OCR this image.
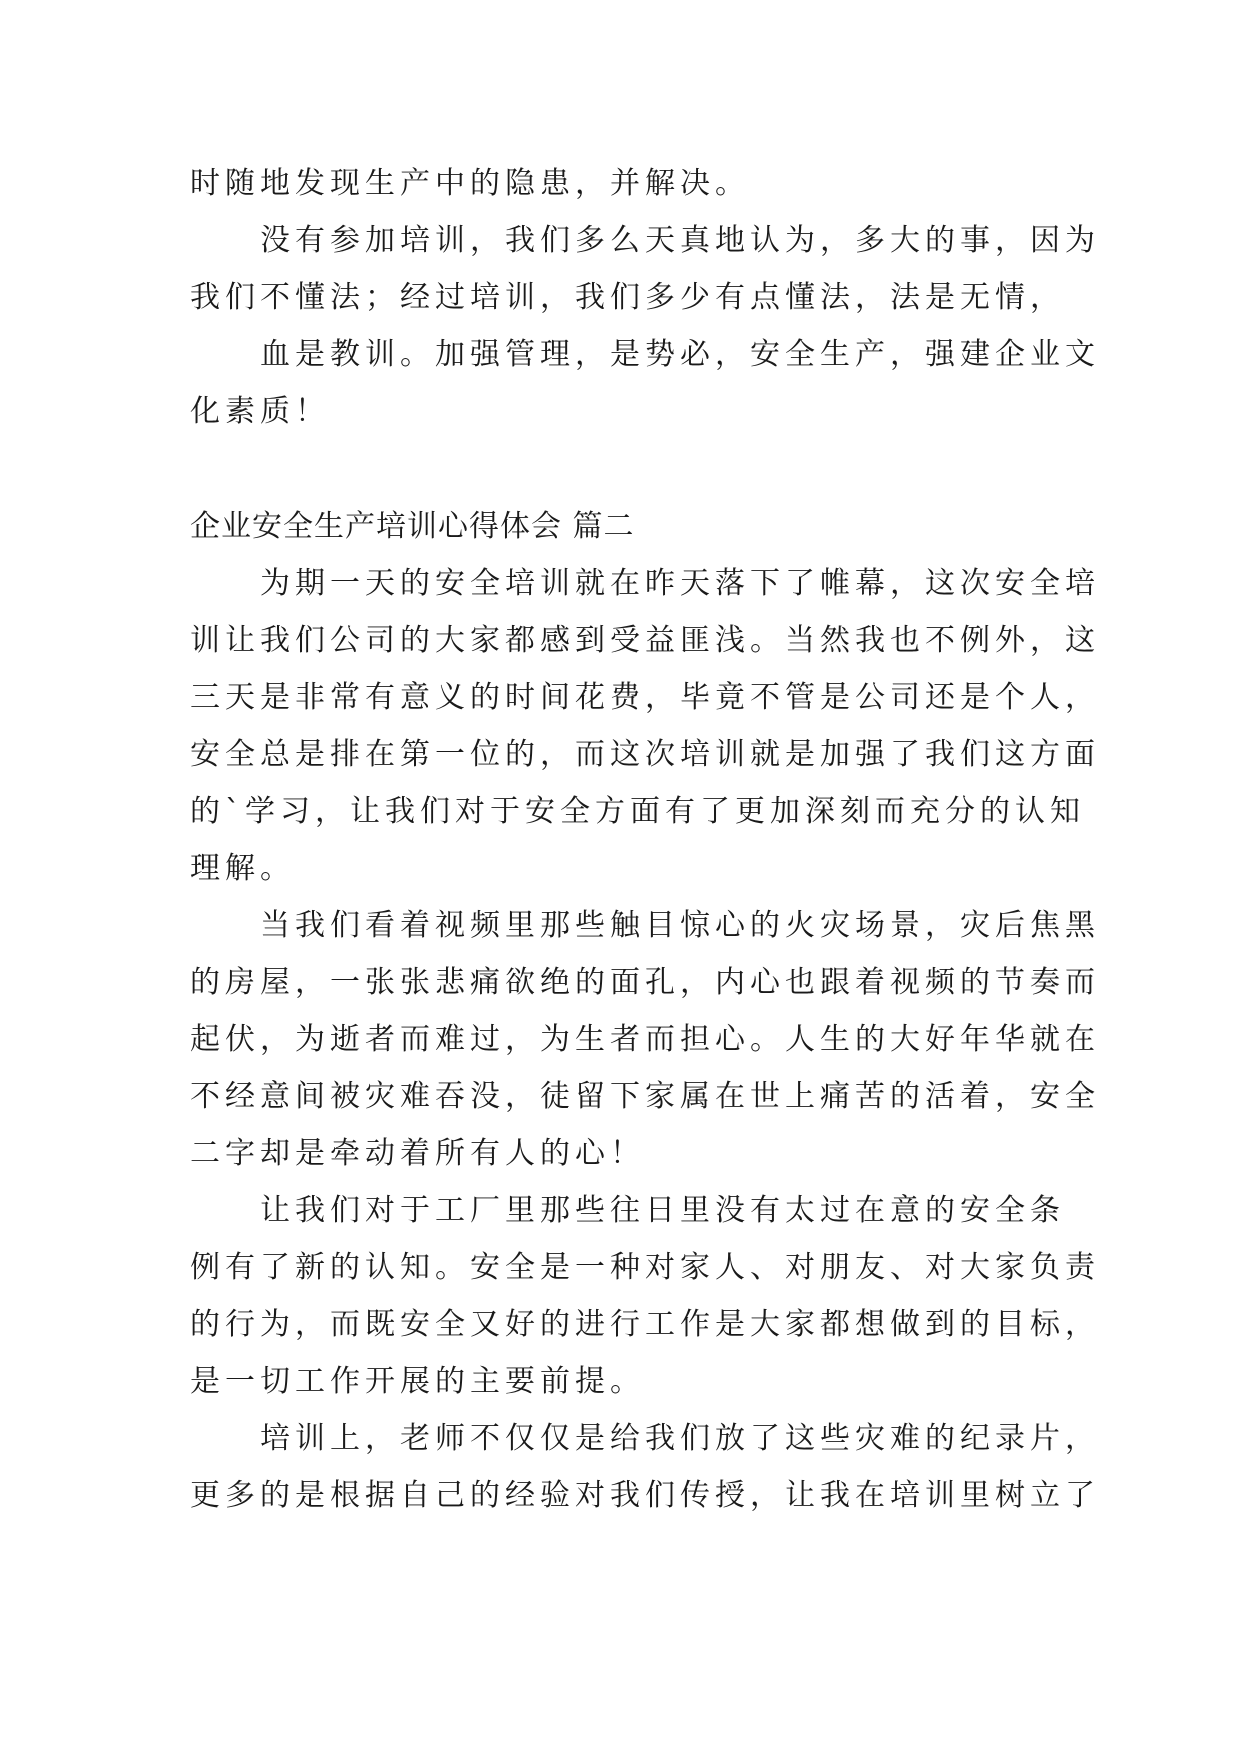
时随地发现生产中的隐患，并解决。
没有参加培训，我们多么天真地认为，多大的事，因为
我们不懂法；经过培训，我们多少有点懂法，法是无情，
血是教训。加强管理，是势必，安全生产，强建企业文
化素质！
企业安全生产培训心得体会 篇二
为期一天的安全培训就在昨天落下了帷幕，这次安全培
训让我们公司的大家都感到受益匪浅。当然我也不例外，这
三天是非常有意义的时间花费，毕竟不管是公司还是个人，
安全总是排在第一位的，而这次培训就是加强了我们这方面
的`学习，让我们对于安全方面有了更加深刻而充分的认知
理解。
当我们看着视频里那些触目惊心的火灾场景，灾后焦黑
的房屋，一张张悲痛欲绝的面孔，内心也跟着视频的节奏而
起伏，为逝者而难过，为生者而担心。人生的大好年华就在
不经意间被灾难吞没，徒留下家属在世上痛苦的活着，安全
二字却是牵动着所有人的心！
让我们对于工厂里那些往日里没有太过在意的安全条
例有了新的认知。安全是一种对家人、对朋友、对大家负责
的行为，而既安全又好的进行工作是大家都想做到的目标，
是一切工作开展的主要前提。
培训上，老师不仅仅是给我们放了这些灾难的纪录片，
更多的是根据自己的经验对我们传授，让我在培训里树立了
